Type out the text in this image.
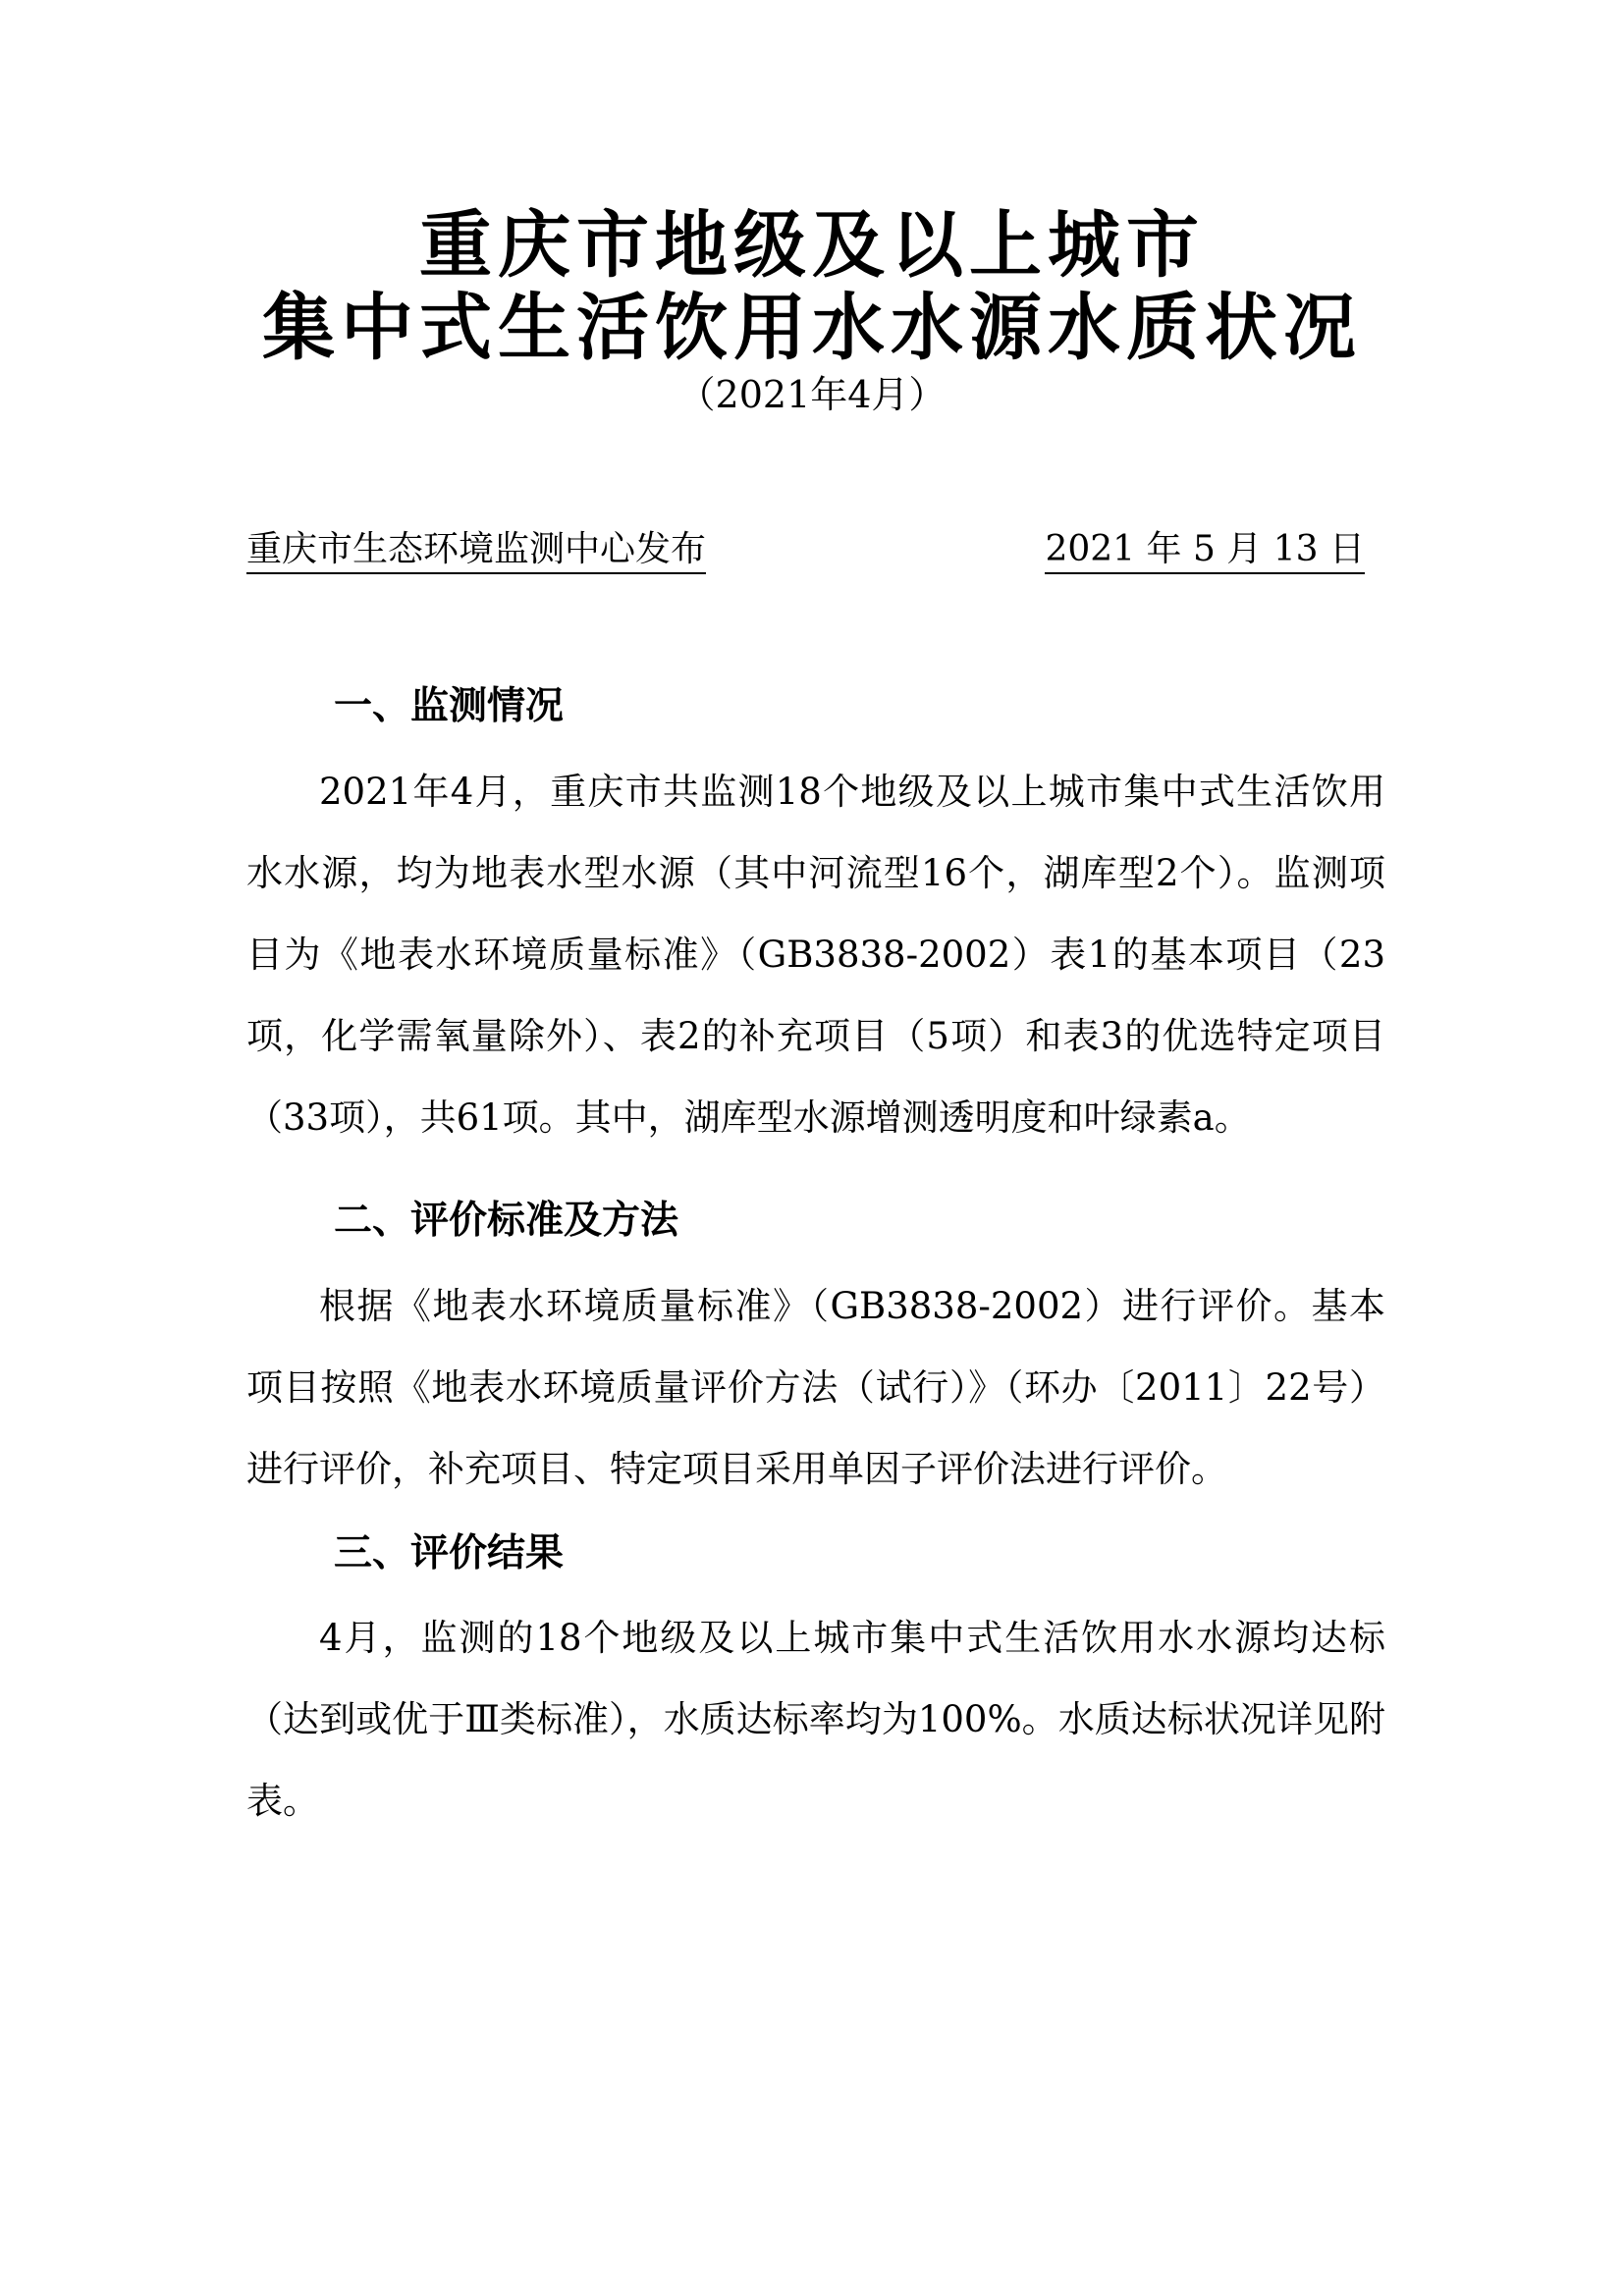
重庆市地级及以上城市
集中式生活饮用水水源水质状况
（2021年4月）
重庆市生态环境监测中心发布	2021 年 5 月 13 日
一、监测情况

2021年4月，重庆市共监测18个地级及以上城市集中式生活饮用水水源，均为地表水型水源（其中河流型16个，湖库型2个）。监测项目为《地表水环境质量标准》（GB3838-2002）表1的基本项目（23项，化学需氧量除外）、表2的补充项目（5项）和表3的优选特定项目（33项），共61项。其中，湖库型水源增测透明度和叶绿素a。

二、评价标准及方法

根据《地表水环境质量标准》（GB3838-2002）进行评价。基本项目按照《地表水环境质量评价方法（试行）》（环办〔2011〕22号）进行评价，补充项目、特定项目采用单因子评价法进行评价。

三、评价结果

4月，监测的18个地级及以上城市集中式生活饮用水水源均达标（达到或优于Ⅲ类标准），水质达标率均为100%。水质达标状况详见附表。
